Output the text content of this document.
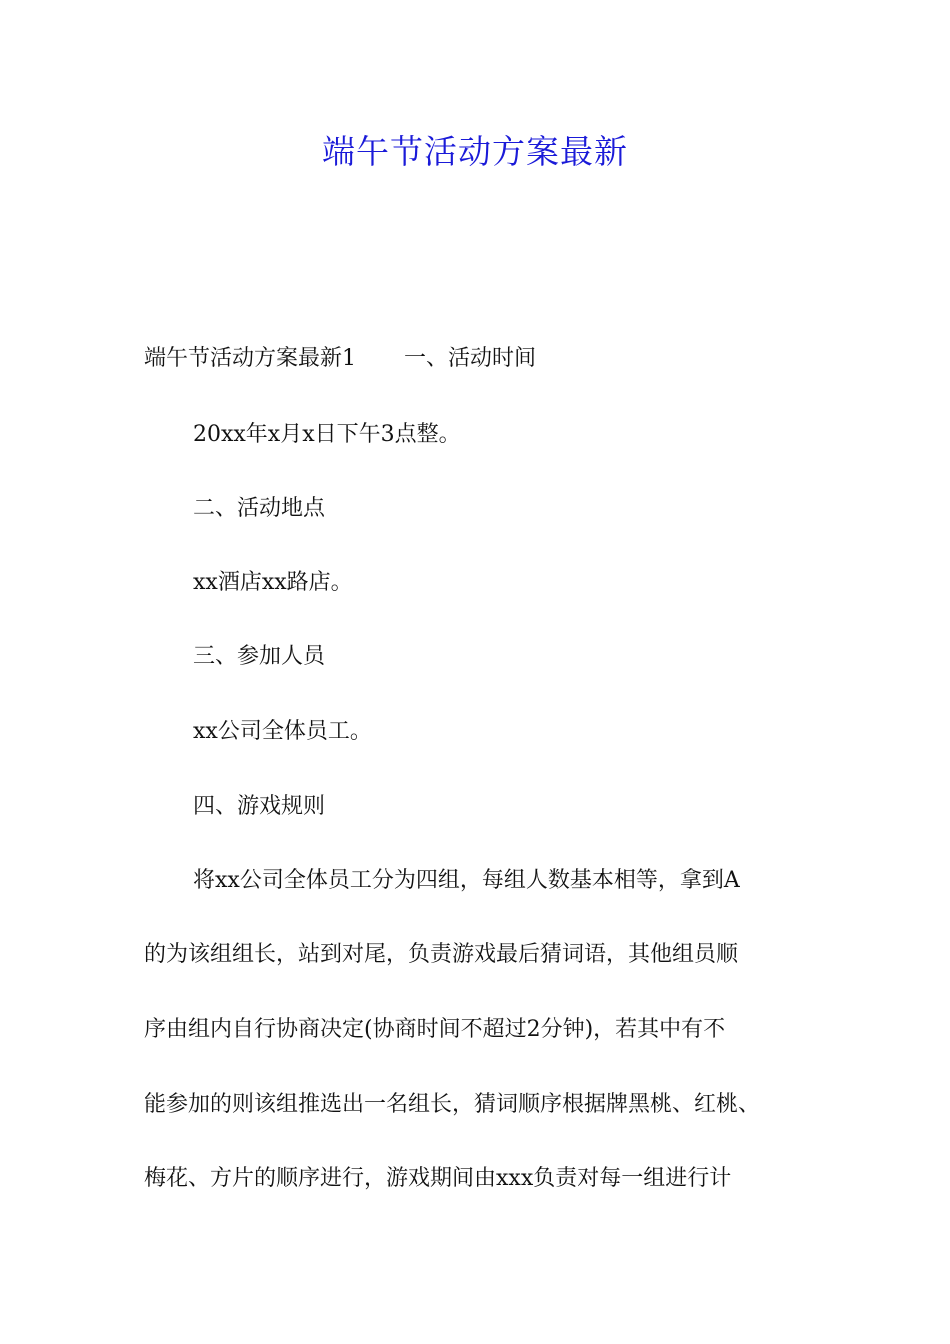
端午节活动方案最新
端午节活动方案最新1 一、活动时间
20xx年x月x日下午3点整。
二、活动地点
xx酒店xx路店。
三、参加人员
xx公司全体员工。
四、游戏规则
将xx公司全体员工分为四组，每组人数基本相等，拿到A
的为该组组长，站到对尾，负责游戏最后猜词语，其他组员顺
序由组内自行协商决定(协商时间不超过2分钟)，若其中有不
能参加的则该组推选出一名组长，猜词顺序根据牌黑桃、红桃、
梅花、方片的顺序进行，游戏期间由xxx负责对每一组进行计
